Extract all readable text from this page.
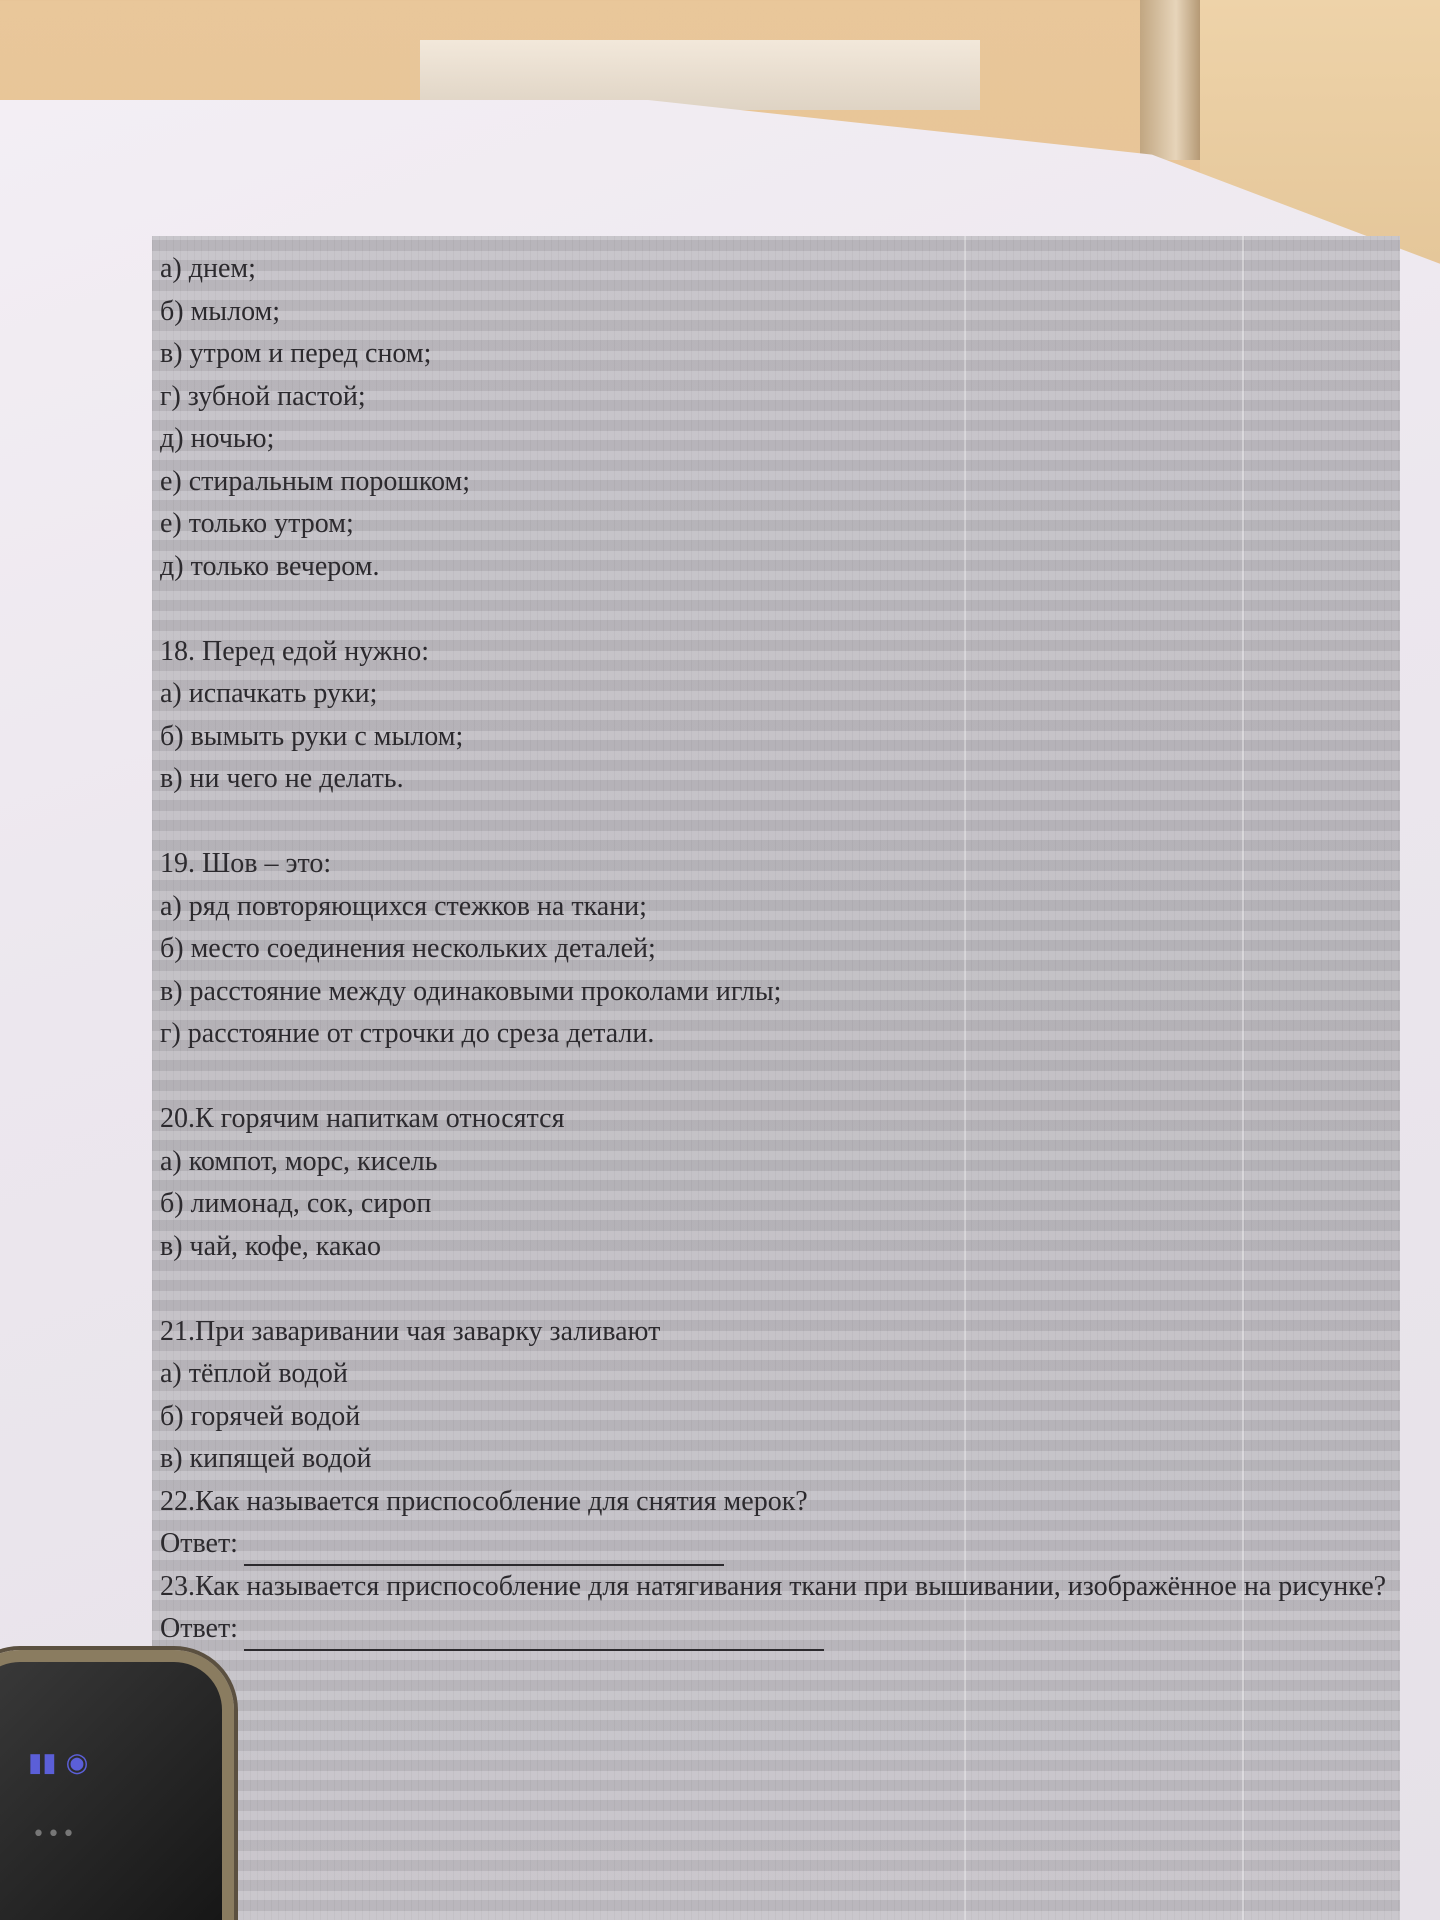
а) днем;
б) мылом;
в) утром и перед сном;
г) зубной пастой;
д) ночью;
е) стиральным порошком;
е) только утром;
д) только вечером.
18. Перед едой нужно:
а) испачкать руки;
б) вымыть руки с мылом;
в) ни чего не делать.
19. Шов – это:
а) ряд повторяющихся стежков на ткани;
б) место соединения нескольких деталей;
в) расстояние между одинаковыми проколами иглы;
г) расстояние от строчки до среза детали.
20.К горячим напиткам относятся
а) компот, морс, кисель
б) лимонад, сок, сироп
в) чай, кофе, какао
21.При заваривании чая заварку заливают
а) тёплой водой
б) горячей водой
в) кипящей водой
22.Как называется приспособление для снятия мерок?
Ответ:
23.Как называется приспособление для натягивания ткани при вышивании, изображённое на рисунке?
Ответ:
▮▮ ◉
•••
